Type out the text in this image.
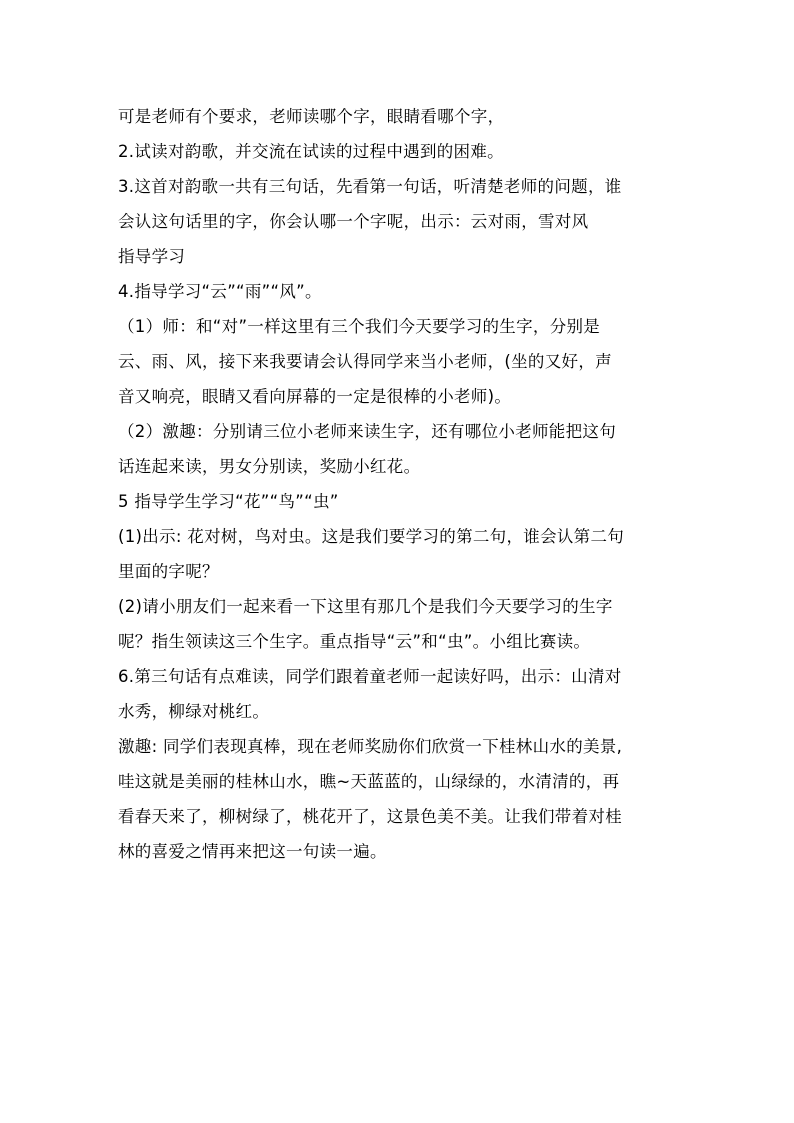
可是老师有个要求，老师读哪个字，眼睛看哪个字，
2.试读对韵歌，并交流在试读的过程中遇到的困难。
3.这首对韵歌一共有三句话，先看第一句话，听清楚老师的问题，谁
会认这句话里的字，你会认哪一个字呢，出示：云对雨，雪对风
指导学习
4.指导学习“云”“雨”“风”。
（1）师：和“对”一样这里有三个我们今天要学习的生字，分别是
云、雨、风，接下来我要请会认得同学来当小老师，(坐的又好，声
音又响亮，眼睛又看向屏幕的一定是很棒的小老师)。
（2）激趣：分别请三位小老师来读生字，还有哪位小老师能把这句
话连起来读，男女分别读，奖励小红花。
5 指导学生学习“花”“鸟”“虫”
(1)出示: 花对树，鸟对虫。这是我们要学习的第二句，谁会认第二句
里面的字呢？
(2)请小朋友们一起来看一下这里有那几个是我们今天要学习的生字
呢？指生领读这三个生字。重点指导“云”和“虫”。小组比赛读。
6.第三句话有点难读，同学们跟着童老师一起读好吗，出示：山清对
水秀，柳绿对桃红。
激趣: 同学们表现真棒，现在老师奖励你们欣赏一下桂林山水的美景,
哇这就是美丽的桂林山水，瞧~天蓝蓝的，山绿绿的，水清清的，再
看春天来了，柳树绿了，桃花开了，这景色美不美。让我们带着对桂
林的喜爱之情再来把这一句读一遍。
